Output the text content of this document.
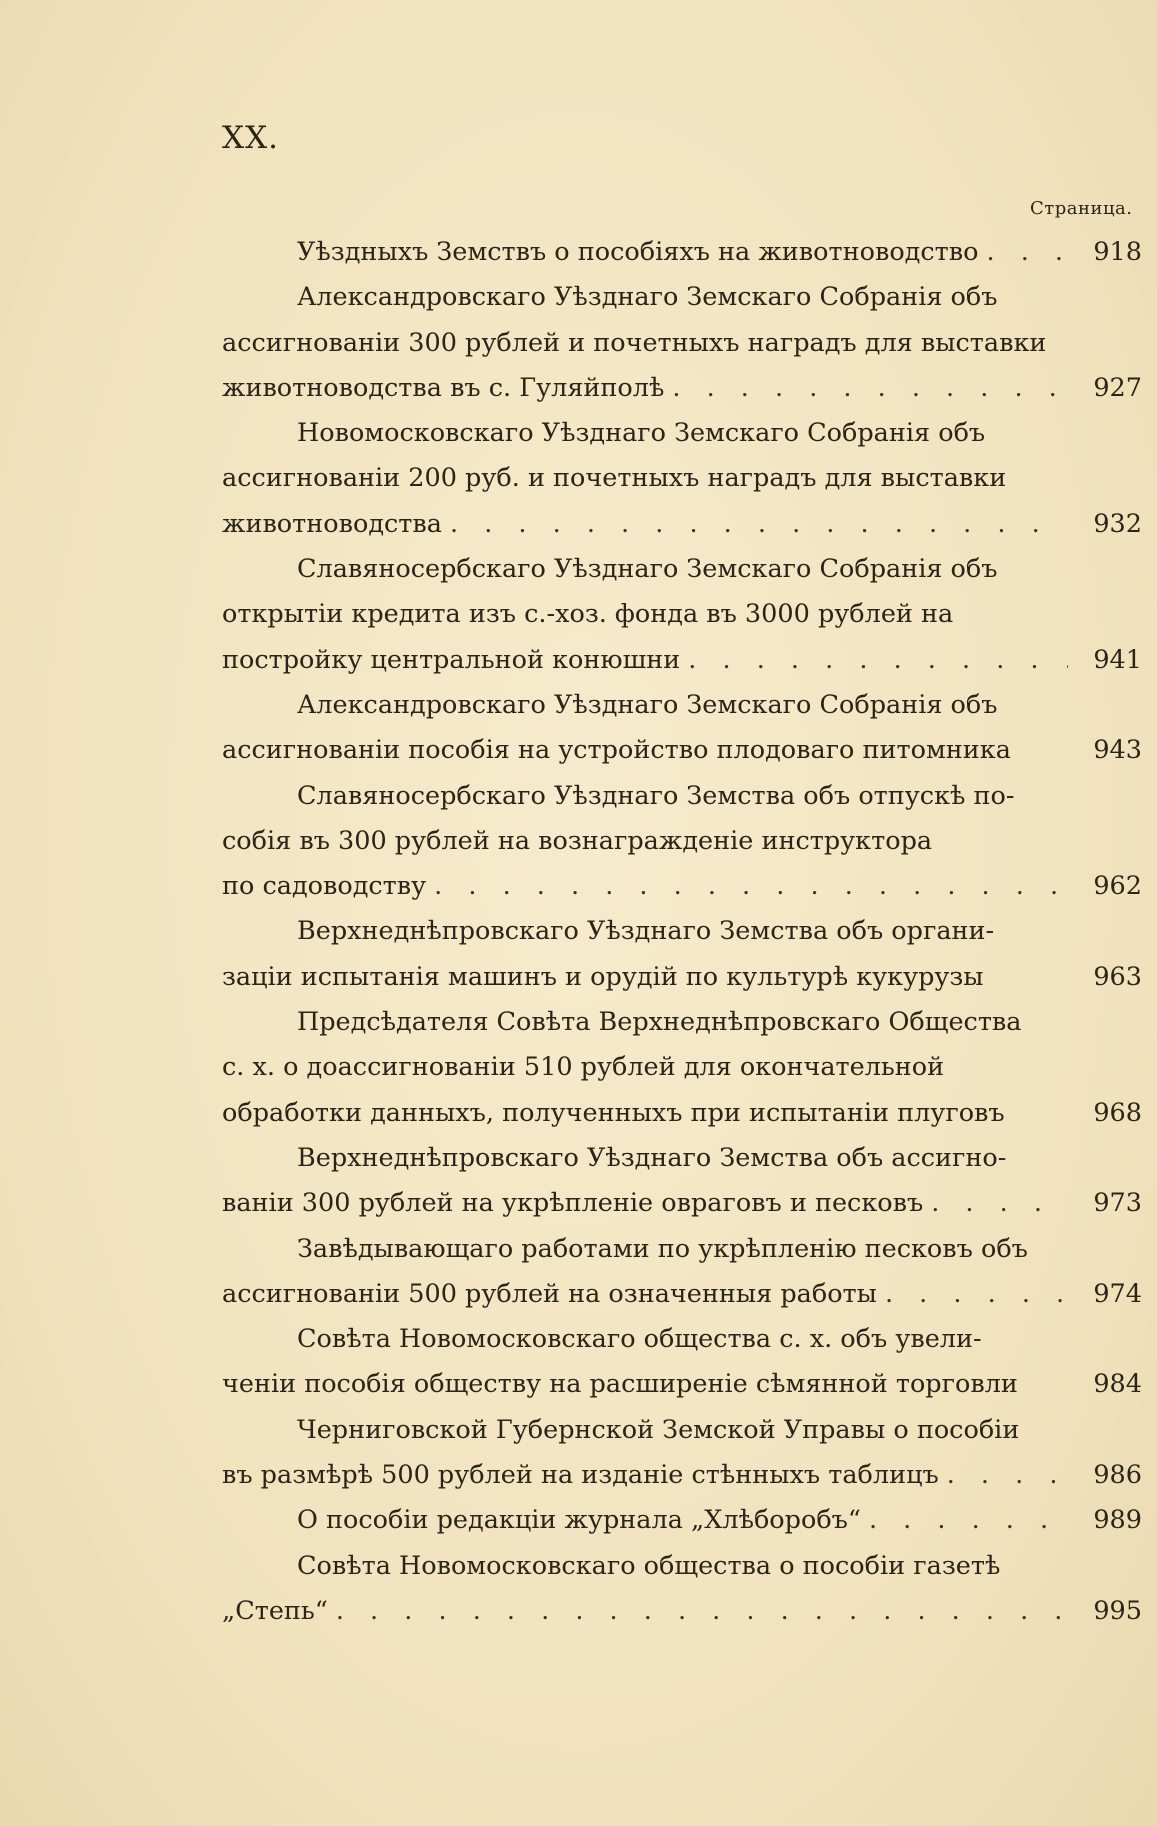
XX.
Страница.
Уѣздныхъ Земствъ о пособіяхъ на животноводство . . .	918
Александровскаго Уѣзднаго Земскаго Собранія объ
ассигнованіи 300 рублей и почетныхъ наградъ для выставки
животноводства въ с. Гуляйполѣ . . .	927
Новомосковскаго Уѣзднаго Земскаго Собранія объ
ассигнованіи 200 руб. и почетныхъ наградъ для выставки
животноводства . . .	932
Славяносербскаго Уѣзднаго Земскаго Собранія объ
открытіи кредита изъ с.-хоз. фонда въ 3000 рублей на
постройку центральной конюшни . . .	941
Александровскаго Уѣзднаго Земскаго Собранія объ
ассигнованіи пособія на устройство плодоваго питомника	943
Славяносербскаго Уѣзднаго Земства объ отпускѣ по-
собія въ 300 рублей на вознагражденіе инструктора
по садоводству . . .	962
Верхнеднѣпровскаго Уѣзднаго Земства объ органи-
заціи испытанія машинъ и орудій по культурѣ кукурузы	963
Предсѣдателя Совѣта Верхнеднѣпровскаго Общества
с. х. о доассигнованіи 510 рублей для окончательной
обработки данныхъ, полученныхъ при испытаніи плуговъ	968
Верхнеднѣпровскаго Уѣзднаго Земства объ ассигно-
ваніи 300 рублей на укрѣпленіе овраговъ и песковъ . . .	973
Завѣдывающаго работами по укрѣпленію песковъ объ
ассигнованіи 500 рублей на означенныя работы . . .	974
Совѣта Новомосковскаго общества с. х. объ увели-
ченіи пособія обществу на расширеніе сѣмянной торговли	984
Черниговской Губернской Земской Управы о пособіи
въ размѣрѣ 500 рублей на изданіе стѣнныхъ таблицъ . . .	986
О пособіи редакціи журнала „Хлѣборобъ“ . . .	989
Совѣта Новомосковскаго общества о пособіи газетѣ
„Степь“ . . .	995
